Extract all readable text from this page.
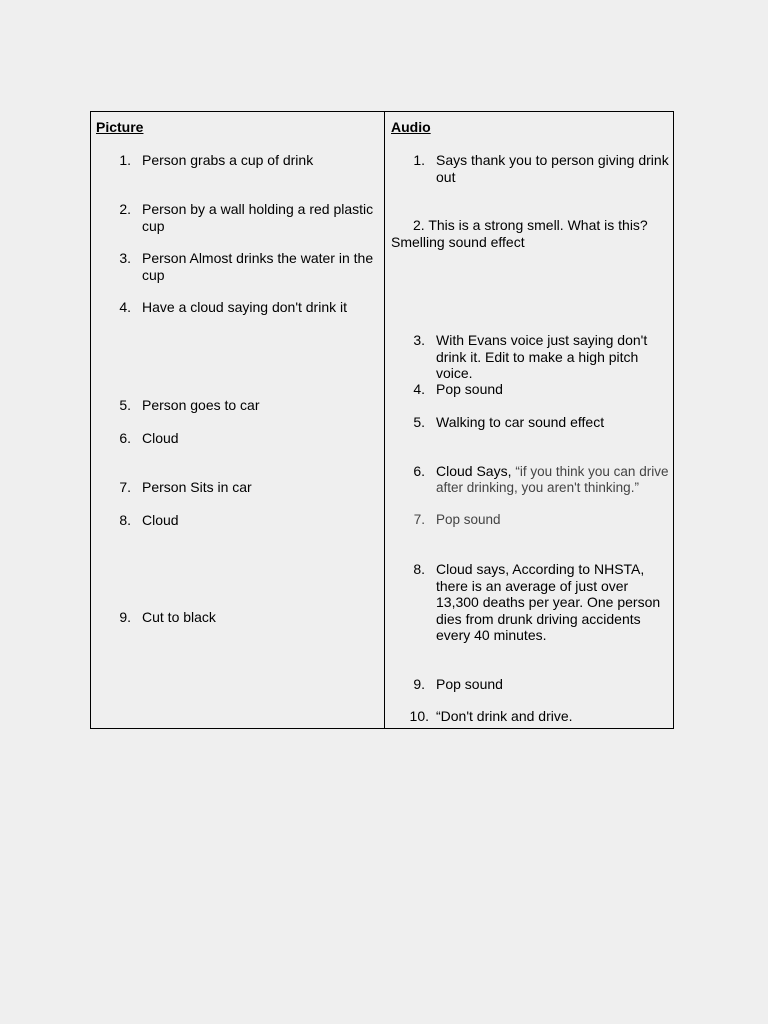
Picture

1. Person grabs a cup of drink

2. Person by a wall holding a red plastic

cup

3. Person Almost drinks the water in the

cup

4. Have a cloud saying don't drink it

5. Person goes to car

6. Cloud

7. Person Sits in car

8. Cloud

9. Cut to black

Audio

1. Says thank you to person giving drink

out

2. This is a strong smell. What is this?

Smelling sound effect

3. With Evans voice just saying don't

drink it. Edit to make a high pitch

voice.

4. Pop sound

5. Walking to car sound effect

6. Cloud Says, “if you think you can drive

after drinking, you aren't thinking.”

7. Pop sound

8. Cloud says, According to NHSTA,

there is an average of just over

13,300 deaths per year. One person

dies from drunk driving accidents

every 40 minutes.

9. Pop sound

10. “Don't drink and drive.
